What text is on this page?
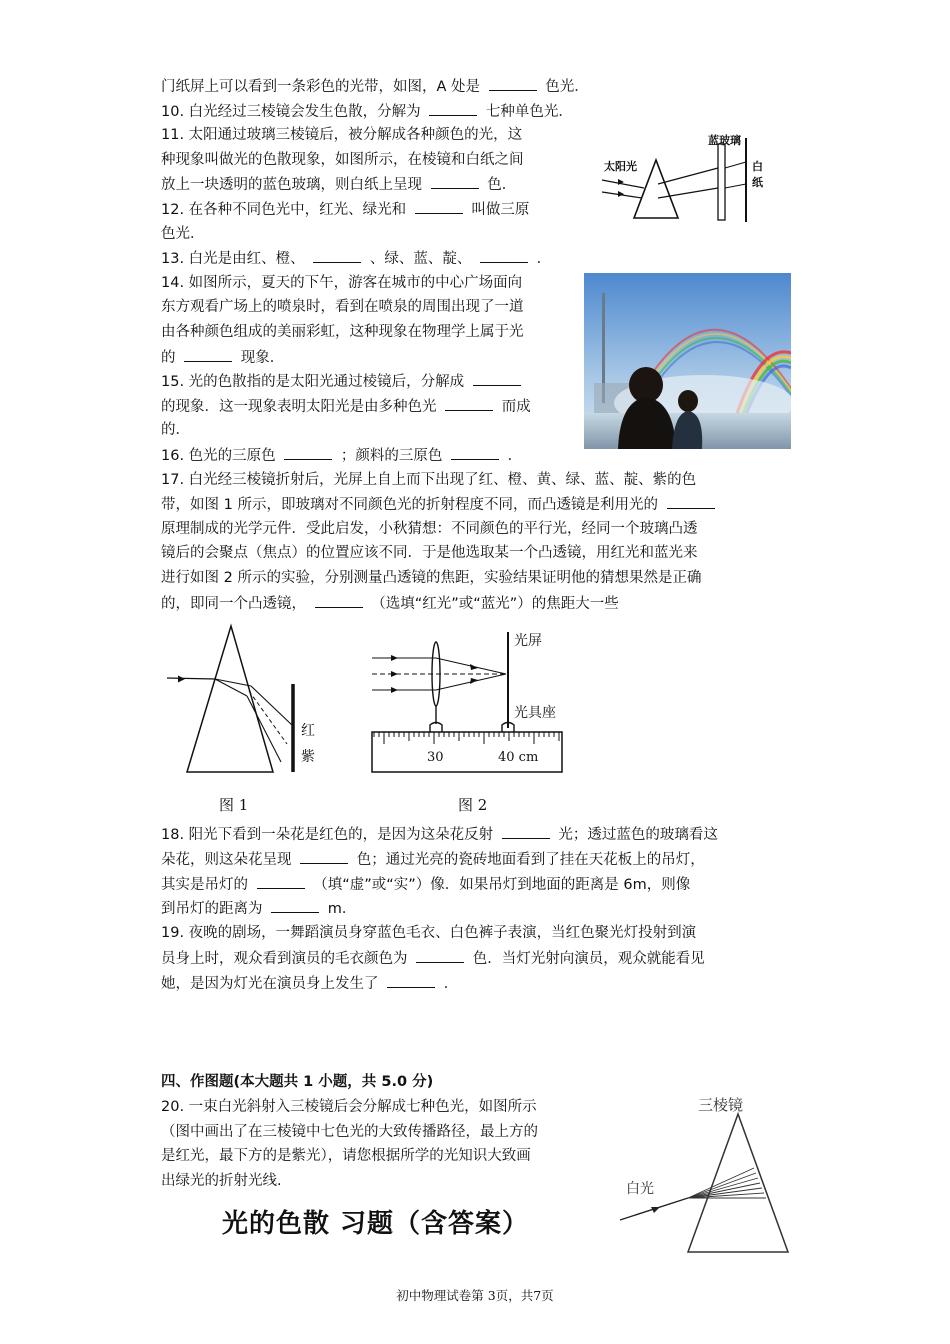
门纸屏上可以看到一条彩色的光带，如图，A 处是	色光．
10. 白光经过三棱镜会发生色散，分解为	七种单色光．
11. 太阳通过玻璃三棱镜后，被分解成各种颜色的光，这
种现象叫做光的色散现象，如图所示，在棱镜和白纸之间
放上一块透明的蓝色玻璃，则白纸上呈现	色．
12. 在各种不同色光中，红光、绿光和	叫做三原
色光．
13. 白光是由红、橙、	、绿、蓝、靛、	．
14. 如图所示，夏天的下午，游客在城市的中心广场面向
东方观看广场上的喷泉时，看到在喷泉的周围出现了一道
由各种颜色组成的美丽彩虹，这种现象在物理学上属于光
的	现象．
15. 光的色散指的是太阳光通过棱镜后，分解成
的现象．这一现象表明太阳光是由多种色光	而成
的．
16. 色光的三原色	；颜料的三原色	．
17. 白光经三棱镜折射后，光屏上自上而下出现了红、橙、黄、绿、蓝、靛、紫的色
带，如图 1 所示，即玻璃对不同颜色光的折射程度不同，而凸透镜是利用光的
原理制成的光学元件．受此启发，小秋猜想：不同颜色的平行光，经同一个玻璃凸透
镜后的会聚点（焦点）的位置应该不同．于是他选取某一个凸透镜，用红光和蓝光来
进行如图 2 所示的实验，分别测量凸透镜的焦距，实验结果证明他的猜想果然是正确
的，即同一个凸透镜，	（选填“红光”或“蓝光”）的焦距大一些
18. 阳光下看到一朵花是红色的，是因为这朵花反射	光；透过蓝色的玻璃看这
朵花，则这朵花呈现	色；通过光亮的瓷砖地面看到了挂在天花板上的吊灯，
其实是吊灯的	（填“虚”或“实”）像．如果吊灯到地面的距离是 6m，则像
到吊灯的距离为	m．
19. 夜晚的剧场，一舞蹈演员身穿蓝色毛衣、白色裤子表演，当红色聚光灯投射到演
员身上时，观众看到演员的毛衣颜色为	色．当灯光射向演员，观众就能看见
她，是因为灯光在演员身上发生了	．
太阳光
蓝玻璃
白纸
红
紫
图 1
光屏
光具座
30	40 cm
图 2
四、作图题(本大题共 1 小题，共 5.0 分)
20. 一束白光斜射入三棱镜后会分解成七种色光，如图所示
（图中画出了在三棱镜中七色光的大致传播路径，最上方的
是红光，最下方的是紫光），请您根据所学的光知识大致画
出绿光的折射光线.
三棱镜
白光
光的色散 习题（含答案）
初中物理试卷第 3页，共7页
